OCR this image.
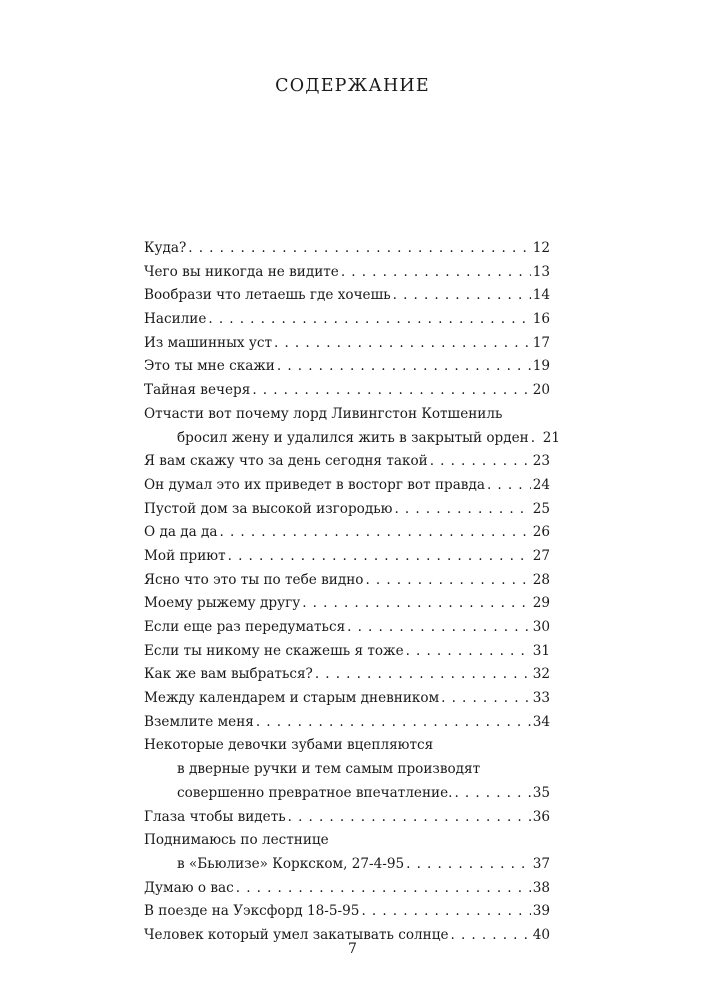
СОДЕРЖАНИЕ
Куда? . . .	12
Чего вы никогда не видите . . .	13
Вообрази что летаешь где хочешь . . .	14
Насилие . . .	16
Из машинных уст . . .	17
Это ты мне скажи . . .	19
Тайная вечеря . . .	20
Отчасти вот почему лорд Ливингстон Котшениль
бросил жену и удалился жить в закрытый орден . . . 21
Я вам скажу что за день сегодня такой . . .	23
Он думал это их приведет в восторг вот правда . . .	24
Пустой дом за высокой изгородью . . .	25
О да да да . . .	26
Мой приют . . .	27
Ясно что это ты по тебе видно . . .	28
Моему рыжему другу . . .	29
Если еще раз передуматься . . .	30
Если ты никому не скажешь я тоже . . .	31
Как же вам выбраться? . . .	32
Между календарем и старым дневником . . .	33
Вземлите меня . . .	34
Некоторые девочки зубами вцепляются
в дверные ручки и тем самым производят
совершенно превратное впечатление. . . .	35
Глаза чтобы видеть . . .	36
Поднимаюсь по лестнице
в «Бьюлизе» Коркском, 27-4-95 . . .	37
Думаю о вас . . .	38
В поезде на Уэксфорд 18-5-95 . . .	39
Человек который умел закатывать солнце . . .	40
7
